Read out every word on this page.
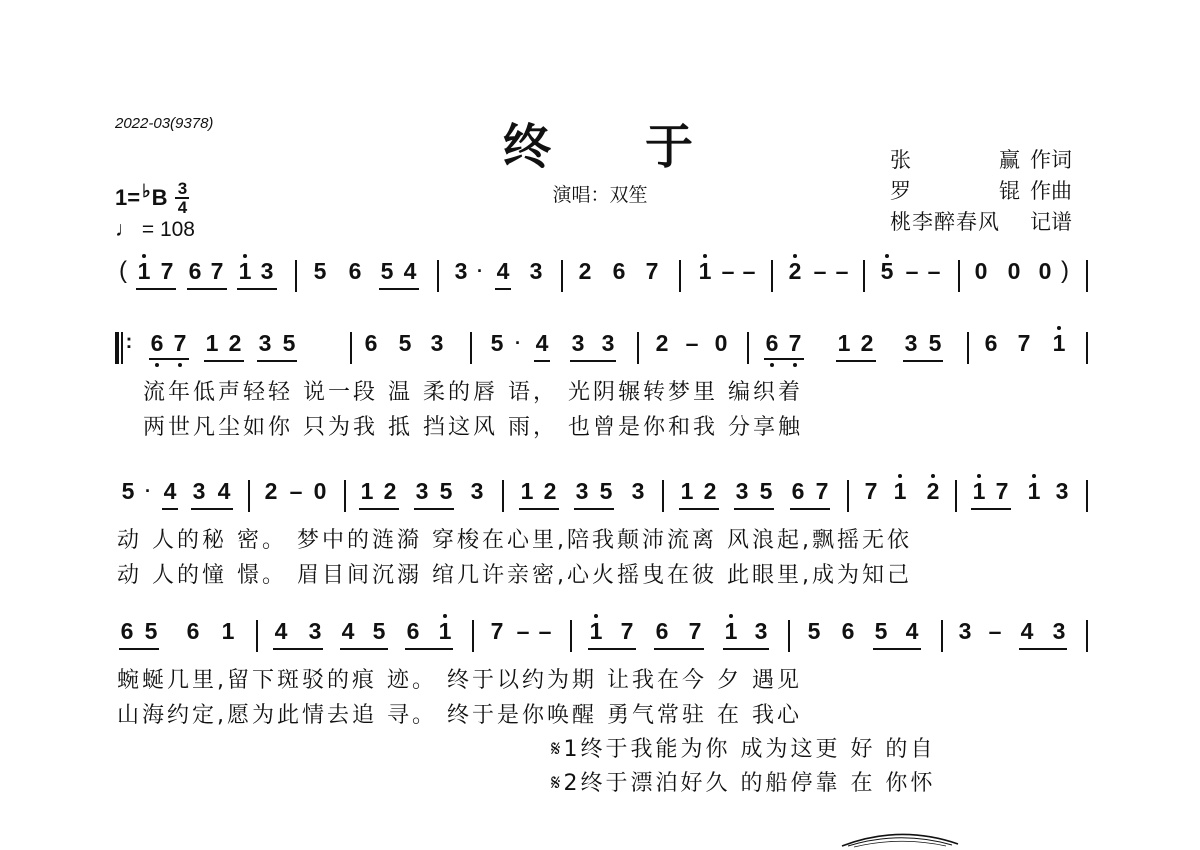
2022-03(9378)	终 于
演唱：双笙
张	赢 作词
罗	锟 作曲
桃李醉春风 记谱
1= ♭ B $\frac{3}{4}$
♩ = 108
( 1 7 6 7 1 3 5 6 5 4 3 · 4 3 2 6 7 1 – – 2 – – 5 – – 0 0 0 )
: 6 7 1 2 3 5	6 5 3 5 · 4 3 3 2 – 0 6 7 1 2 3 5 6 7 1
流年低声轻轻 说一段 温 柔的唇 语， 光阴辗转梦里 编织着
两世凡尘如你 只为我 抵 挡这风 雨， 也曾是你和我 分享触
5 · 4 3 4 2 – 0 1 2 3 5 3 1 2 3 5 3 1 2 3 5 6 7 7 1 2 1 7 1 3
动 人的秘 密。 梦中的涟漪 穿梭在心里,陪我颠沛流离 风浪起,飘摇无依
动 人的憧 憬。 眉目间沉溺 绾几许亲密,心火摇曳在彼 此眼里,成为知己
6 5 6 1 4 3 4 5 6 1 7 – – 1 7 6 7 1 3 5 6 5 4 3 – 4 3
蜿蜒几里,留下斑驳的痕 迹。 终于以约为期 让我在今 夕 遇见
山海约定,愿为此情去追 寻。 终于是你唤醒 勇气常驻 在 我心
𝄋1终于我能为你 成为这更 好 的自
𝄋2终于漂泊好久 的船停靠 在 你怀
